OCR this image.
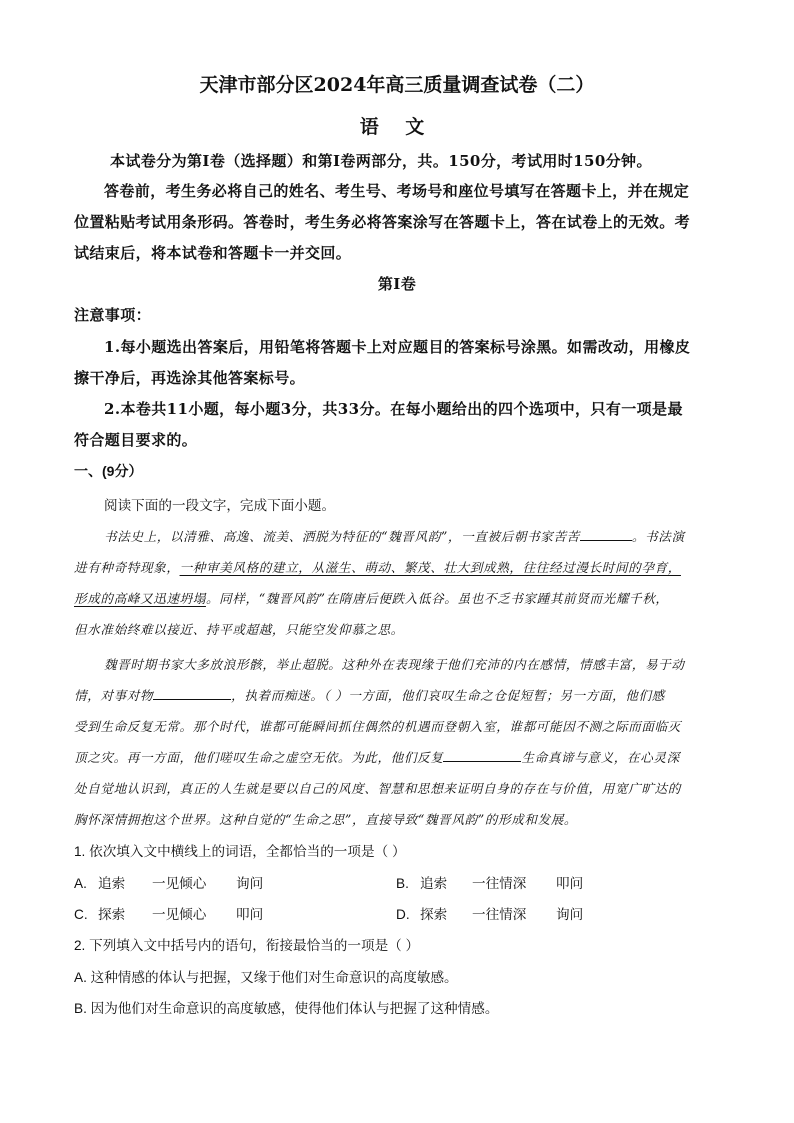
天津市部分区2024年高三质量调查试卷（二）
语 文
本试卷分为第Ⅰ卷（选择题）和第Ⅰ卷两部分，共。150分，考试用时150分钟。
答卷前，考生务必将自己的姓名、考生号、考场号和座位号填写在答题卡上，并在规定
位置粘贴考试用条形码。答卷时，考生务必将答案涂写在答题卡上，答在试卷上的无效。考
试结束后，将本试卷和答题卡一并交回。
第Ⅰ卷
注意事项：
1.每小题选出答案后，用铅笔将答题卡上对应题目的答案标号涂黑。如需改动，用橡皮
擦干净后，再选涂其他答案标号。
2.本卷共11小题，每小题3分，共33分。在每小题给出的四个选项中，只有一项是最
符合题目要求的。
一、(9分）
阅读下面的一段文字，完成下面小题。
书法史上，以清雅、高逸、流美、洒脱为特征的“魏晋风韵”，一直被后朝书家苦苦	。书法演
进有种奇特现象，一种审美风格的建立，从滋生、萌动、繁茂、壮大到成熟，往往经过漫长时间的孕育，
形成的高峰又迅速坍塌。同样，“魏晋风韵”在隋唐后便跌入低谷。虽也不乏书家踵其前贤而光耀千秋，
但水准始终难以接近、持平或超越，只能空发仰慕之思。
魏晋时期书家大多放浪形骸，举止超脱。这种外在表现缘于他们充沛的内在感情，情感丰富，易于动
情，对事对物	，执着而痴迷。（ ）一方面，他们哀叹生命之仓促短暂；另一方面，他们感
受到生命反复无常。那个时代，谁都可能瞬间抓住偶然的机遇而登朝入室，谁都可能因不测之际而面临灭
顶之灾。再一方面，他们嗟叹生命之虚空无依。为此，他们反复	生命真谛与意义，在心灵深
处自觉地认识到，真正的人生就是要以自己的风度、智慧和思想来证明自身的存在与价值，用宽广旷达的
胸怀深情拥抱这个世界。这种自觉的“生命之思”，直接导致“魏晋风韵”的形成和发展。
1. 依次填入文中横线上的词语，全都恰当的一项是（ ）
A. 追索 一见倾心 询问	B. 追索 一往情深 叩问
C. 探索 一见倾心 叩问	D. 探索 一往情深 询问
2. 下列填入文中括号内的语句，衔接最恰当的一项是（ ）
A. 这种情感的体认与把握，又缘于他们对生命意识的高度敏感。
B. 因为他们对生命意识的高度敏感，使得他们体认与把握了这种情感。
